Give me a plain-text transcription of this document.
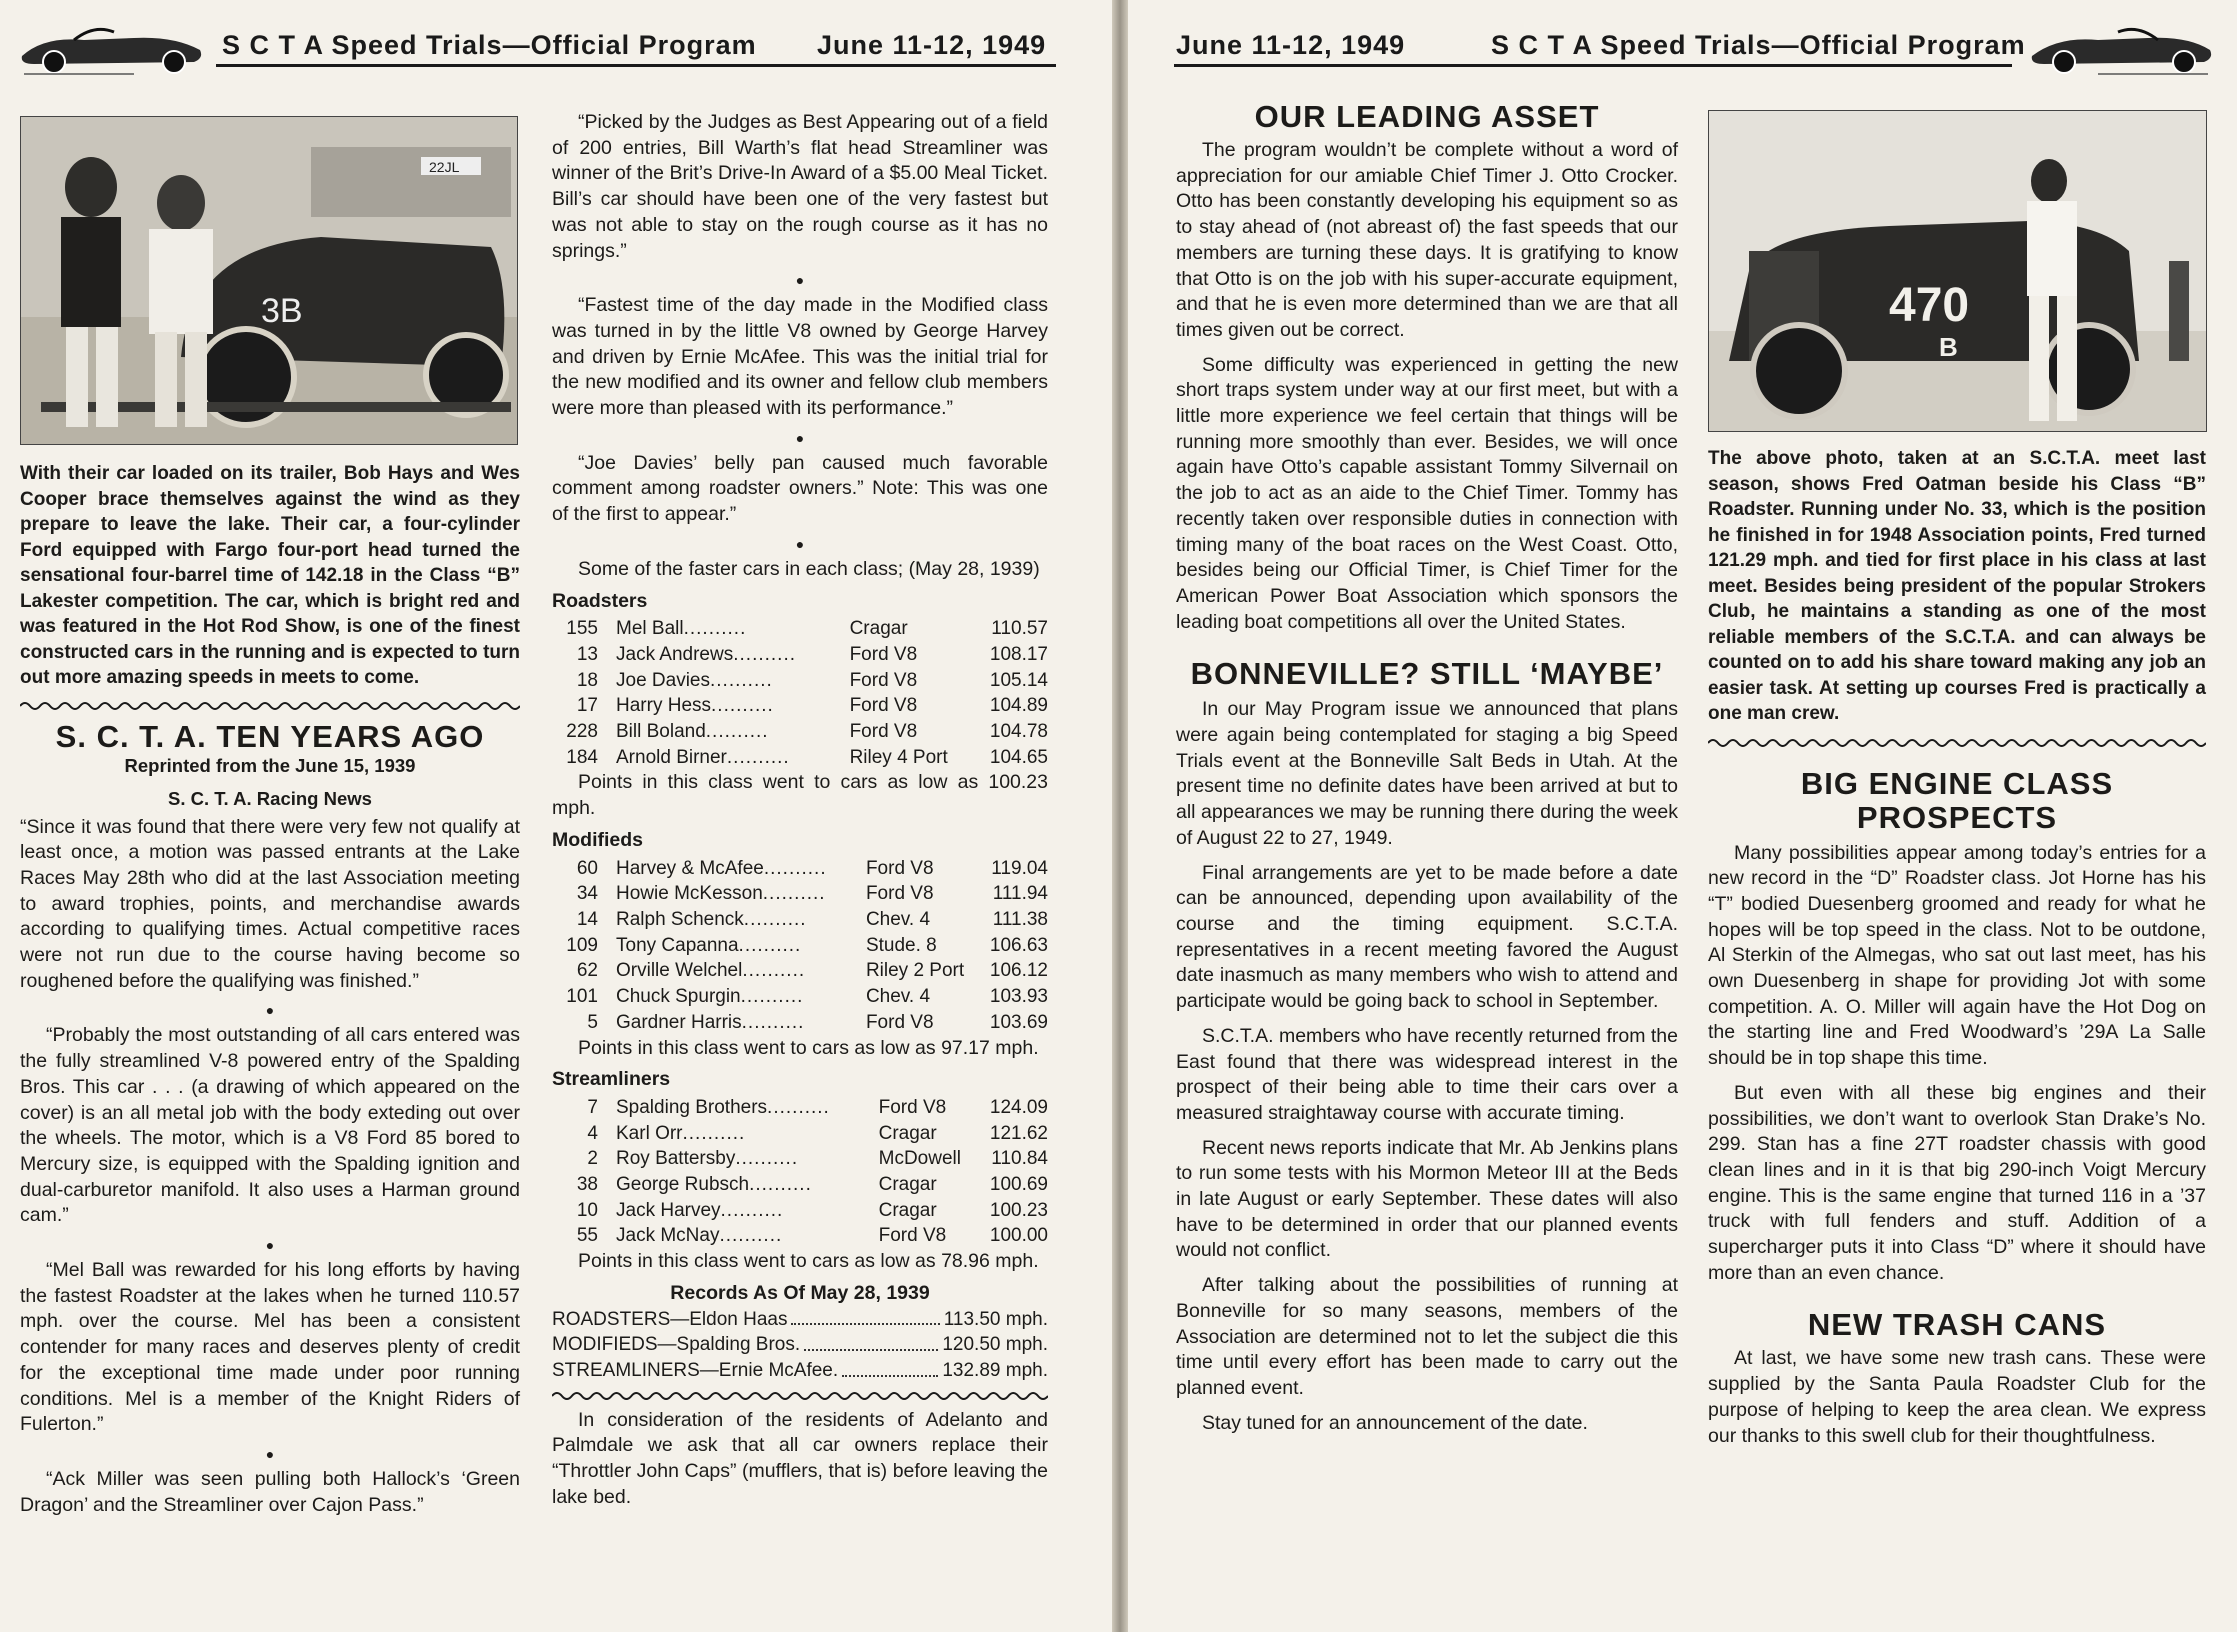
S C T A Speed Trials—Official Program June 11-12, 1949
22JL
3B

With their car loaded on its trailer, Bob Hays and Wes Cooper brace themselves against the wind as they prepare to leave the lake. Their car, a four-cylinder Ford equipped with Fargo four-port head turned the sensational four-barrel time of 142.18 in the Class “B” Lakester competition. The car, which is bright red and was featured in the Hot Rod Show, is one of the finest constructed cars in the running and is expected to turn out more amazing speeds in meets to come.

S. C. T. A. TEN YEARS AGO

Reprinted from the June 15, 1939

S. C. T. A. Racing News

“Since it was found that there were very few not qualify at least once, a motion was passed entrants at the Lake Races May 28th who did at the last Association meeting to award trophies, points, and merchandise awards according to qualifying times. Actual competitive races were not run due to the course having become so roughened before the qualifying was finished.”

●

“Probably the most outstanding of all cars entered was the fully streamlined V-8 powered entry of the Spalding Bros. This car . . . (a drawing of which appeared on the cover) is an all metal job with the body exteding out over the wheels. The motor, which is a V8 Ford 85 bored to Mercury size, is equipped with the Spalding ignition and dual-carburetor manifold. It also uses a Harman ground cam.”

●

“Mel Ball was rewarded for his long efforts by having the fastest Roadster at the lakes when he turned 110.57 mph. over the course. Mel has been a consistent contender for many races and deserves plenty of credit for the exceptional time made under poor running conditions. Mel is a member of the Knight Riders of Fulerton.”

●

“Ack Miller was seen pulling both Hallock’s ‘Green Dragon’ and the Streamliner over Cajon Pass.”

“Picked by the Judges as Best Appearing out of a field of 200 entries, Bill Warth’s flat head Streamliner was winner of the Brit’s Drive-In Award of a $5.00 Meal Ticket. Bill’s car should have been one of the very fastest but was not able to stay on the rough course as it has no springs.”

●

“Fastest time of the day made in the Modified class was turned in by the little V8 owned by George Harvey and driven by Ernie McAfee. This was the initial trial for the new modified and its owner and fellow club members were more than pleased with its performance.”

●

“Joe Davies’ belly pan caused much favorable comment among roadster owners.” Note: This was one of the first to appear.”

●

Some of the faster cars in each class; (May 28, 1939)

Roadsters
155	Mel Ball..........	Cragar	110.57
13	Jack Andrews..........	Ford V8	108.17
18	Joe Davies..........	Ford V8	105.14
17	Harry Hess..........	Ford V8	104.89
228	Bill Boland..........	Ford V8	104.78
184	Arnold Birner..........	Riley 4 Port	104.65

Points in this class went to cars as low as 100.23 mph.

Modifieds
60	Harvey & McAfee..........	Ford V8	119.04
34	Howie McKesson..........	Ford V8	111.94
14	Ralph Schenck..........	Chev. 4	111.38
109	Tony Capanna..........	Stude. 8	106.63
62	Orville Welchel..........	Riley 2 Port	106.12
101	Chuck Spurgin..........	Chev. 4	103.93
5	Gardner Harris..........	Ford V8	103.69

Points in this class went to cars as low as 97.17 mph.

Streamliners
7	Spalding Brothers..........	Ford V8	124.09
4	Karl Orr..........	Cragar	121.62
2	Roy Battersby..........	McDowell	110.84
38	George Rubsch..........	Cragar	100.69
10	Jack Harvey..........	Cragar	100.23
55	Jack McNay..........	Ford V8	100.00

Points in this class went to cars as low as 78.96 mph.

Records As Of May 28, 1939
ROADSTERS—Eldon Haas	113.50 mph.
MODIFIEDS—Spalding Bros.	120.50 mph.
STREAMLINERS—Ernie McAfee.	132.89 mph.

In consideration of the residents of Adelanto and Palmdale we ask that all car owners replace their “Throttler John Caps” (mufflers, that is) before leaving the lake bed.

June 11-12, 1949	S C T A Speed Trials—Official Program
OUR LEADING ASSET

The program wouldn’t be complete without a word of appreciation for our amiable Chief Timer J. Otto Crocker. Otto has been constantly developing his equipment so as to stay ahead of (not abreast of) the fast speeds that our members are turning these days. It is gratifying to know that Otto is on the job with his super-accurate equipment, and that he is even more determined than we are that all times given out be correct.

Some difficulty was experienced in getting the new short traps system under way at our first meet, but with a little more experience we feel certain that things will be running more smoothly than ever. Besides, we will once again have Otto’s capable assistant Tommy Silvernail on the job to act as an aide to the Chief Timer. Tommy has recently taken over responsible duties in connection with timing many of the boat races on the West Coast. Otto, besides being our Official Timer, is Chief Timer for the American Power Boat Association which sponsors the leading boat competitions all over the United States.

BONNEVILLE? STILL ‘MAYBE’

In our May Program issue we announced that plans were again being contemplated for staging a big Speed Trials event at the Bonneville Salt Beds in Utah. At the present time no definite dates have been arrived at but to all appearances we may be running there during the week of August 22 to 27, 1949.

Final arrangements are yet to be made before a date can be announced, depending upon availability of the course and the timing equipment. S.C.T.A. representatives in a recent meeting favored the August date inasmuch as many members who wish to attend and participate would be going back to school in September.

S.C.T.A. members who have recently returned from the East found that there was widespread interest in the prospect of their being able to time their cars over a measured straightaway course with accurate timing.

Recent news reports indicate that Mr. Ab Jenkins plans to run some tests with his Mormon Meteor III at the Beds in late August or early September. These dates will also have to be determined in order that our planned events would not conflict.

After talking about the possibilities of running at Bonneville for so many seasons, members of the Association are determined not to let the subject die this time until every effort has been made to carry out the planned event.

Stay tuned for an announcement of the date.

470
B

The above photo, taken at an S.C.T.A. meet last season, shows Fred Oatman beside his Class “B” Roadster. Running under No. 33, which is the position he finished in for 1948 Association points, Fred turned 121.29 mph. and tied for first place in his class at last meet. Besides being president of the popular Strokers Club, he maintains a standing as one of the most reliable members of the S.C.T.A. and can always be counted on to add his share toward making any job an easier task. At setting up courses Fred is practically a one man crew.

BIG ENGINE CLASS
PROSPECTS

Many possibilities appear among today’s entries for a new record in the “D” Roadster class. Jot Horne has his “T” bodied Duesenberg groomed and ready for what he hopes will be top speed in the class. Not to be outdone, Al Sterkin of the Almegas, who sat out last meet, has his own Duesenberg in shape for providing Jot with some competition. A. O. Miller will again have the Hot Dog on the starting line and Fred Woodward’s ’29A La Salle should be in top shape this time.

But even with all these big engines and their possibilities, we don’t want to overlook Stan Drake’s No. 299. Stan has a fine 27T roadster chassis with good clean lines and in it is that big 290-inch Voigt Mercury engine. This is the same engine that turned 116 in a ’37 truck with full fenders and stuff. Addition of a supercharger puts it into Class “D” where it should have more than an even chance.

NEW TRASH CANS

At last, we have some new trash cans. These were supplied by the Santa Paula Roadster Club for the purpose of helping to keep the area clean. We express our thanks to this swell club for their thoughtfulness.
